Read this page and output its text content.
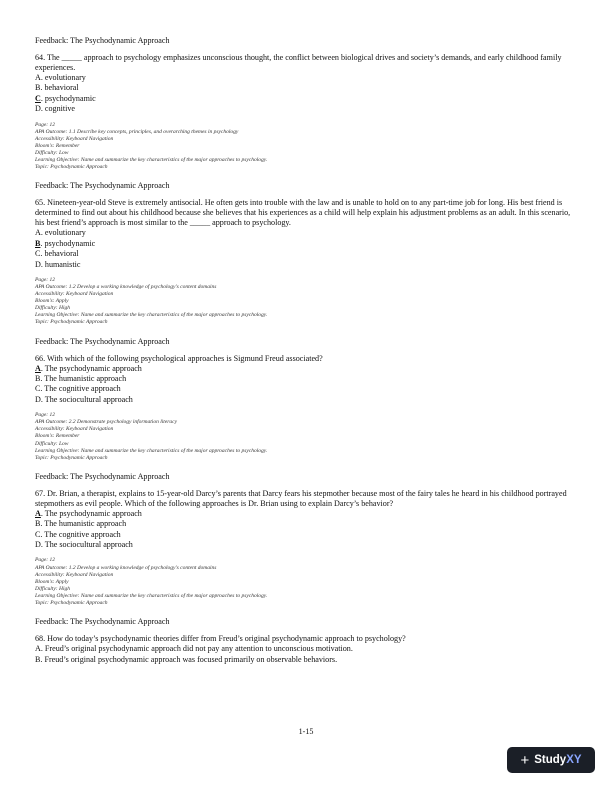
Feedback: The Psychodynamic Approach

64. The _____ approach to psychology emphasizes unconscious thought, the conflict between biological drives and society’s demands, and early childhood family experiences.

A. evolutionary
B. behavioral
C. psychodynamic
D. cognitive
Page: 12
APA Outcome: 1.1 Describe key concepts, principles, and overarching themes in psychology
Accessibility: Keyboard Navigation
Bloom's: Remember
Difficulty: Low
Learning Objective: Name and summarize the key characteristics of the major approaches to psychology.
Topic: Psychodynamic Approach

Feedback: The Psychodynamic Approach

65. Nineteen-year-old Steve is extremely antisocial. He often gets into trouble with the law and is unable to hold on to any part-time job for long. His best friend is determined to find out about his childhood because she believes that his experiences as a child will help explain his adjustment problems as an adult. In this scenario, his best friend’s approach is most similar to the _____ approach to psychology.

A. evolutionary
B. psychodynamic
C. behavioral
D. humanistic
Page: 12
APA Outcome: 1.2 Develop a working knowledge of psychology's content domains
Accessibility: Keyboard Navigation
Bloom's: Apply
Difficulty: High
Learning Objective: Name and summarize the key characteristics of the major approaches to psychology.
Topic: Psychodynamic Approach

Feedback: The Psychodynamic Approach

66. With which of the following psychological approaches is Sigmund Freud associated?

A. The psychodynamic approach
B. The humanistic approach
C. The cognitive approach
D. The sociocultural approach
Page: 12
APA Outcome: 2.2 Demonstrate psychology information literacy
Accessibility: Keyboard Navigation
Bloom's: Remember
Difficulty: Low
Learning Objective: Name and summarize the key characteristics of the major approaches to psychology.
Topic: Psychodynamic Approach

Feedback: The Psychodynamic Approach

67. Dr. Brian, a therapist, explains to 15-year-old Darcy’s parents that Darcy fears his stepmother because most of the fairy tales he heard in his childhood portrayed stepmothers as evil people. Which of the following approaches is Dr. Brian using to explain Darcy’s behavior?

A. The psychodynamic approach
B. The humanistic approach
C. The cognitive approach
D. The sociocultural approach
Page: 12
APA Outcome: 1.2 Develop a working knowledge of psychology's content domains
Accessibility: Keyboard Navigation
Bloom's: Apply
Difficulty: High
Learning Objective: Name and summarize the key characteristics of the major approaches to psychology.
Topic: Psychodynamic Approach

Feedback: The Psychodynamic Approach

68. How do today’s psychodynamic theories differ from Freud’s original psychodynamic approach to psychology?

A. Freud’s original psychodynamic approach did not pay any attention to unconscious motivation.
B. Freud’s original psychodynamic approach was focused primarily on observable behaviors.
1-15
+ Study XY
